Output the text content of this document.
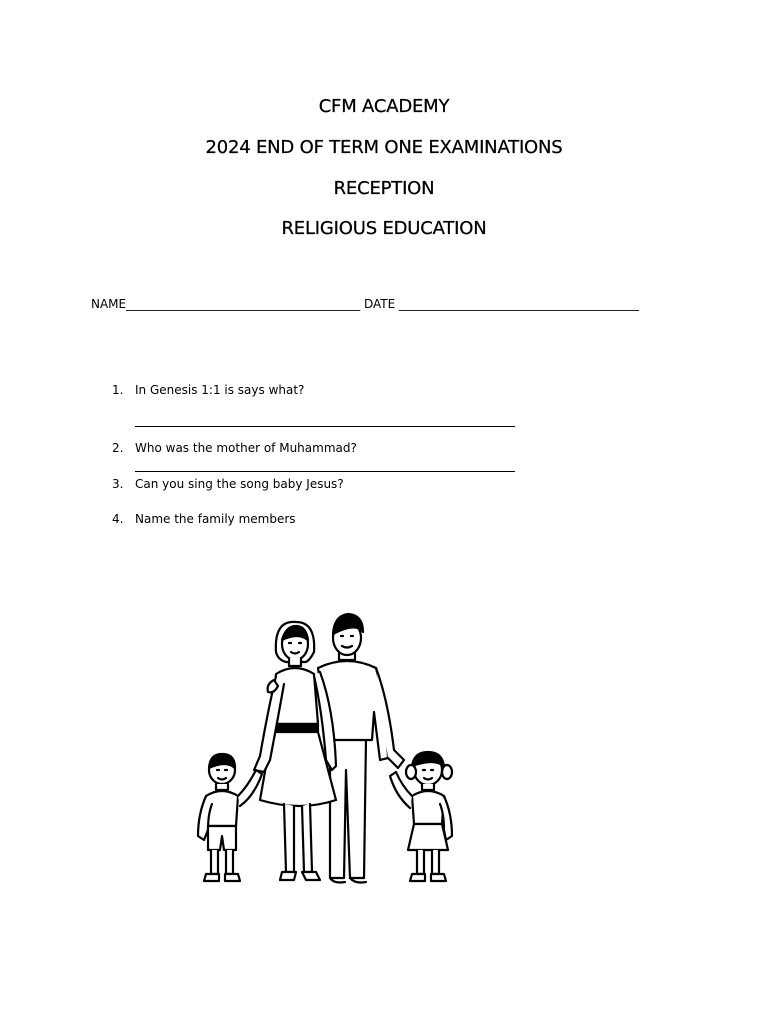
CFM ACADEMY
2024 END OF TERM ONE EXAMINATIONS
RECEPTION
RELIGIOUS EDUCATION
NAME_______________________________________ DATE ________________________________________
1. In Genesis 1:1 is says what?
2. Who was the mother of Muhammad?
3. Can you sing the song baby Jesus?
4. Name the family members
